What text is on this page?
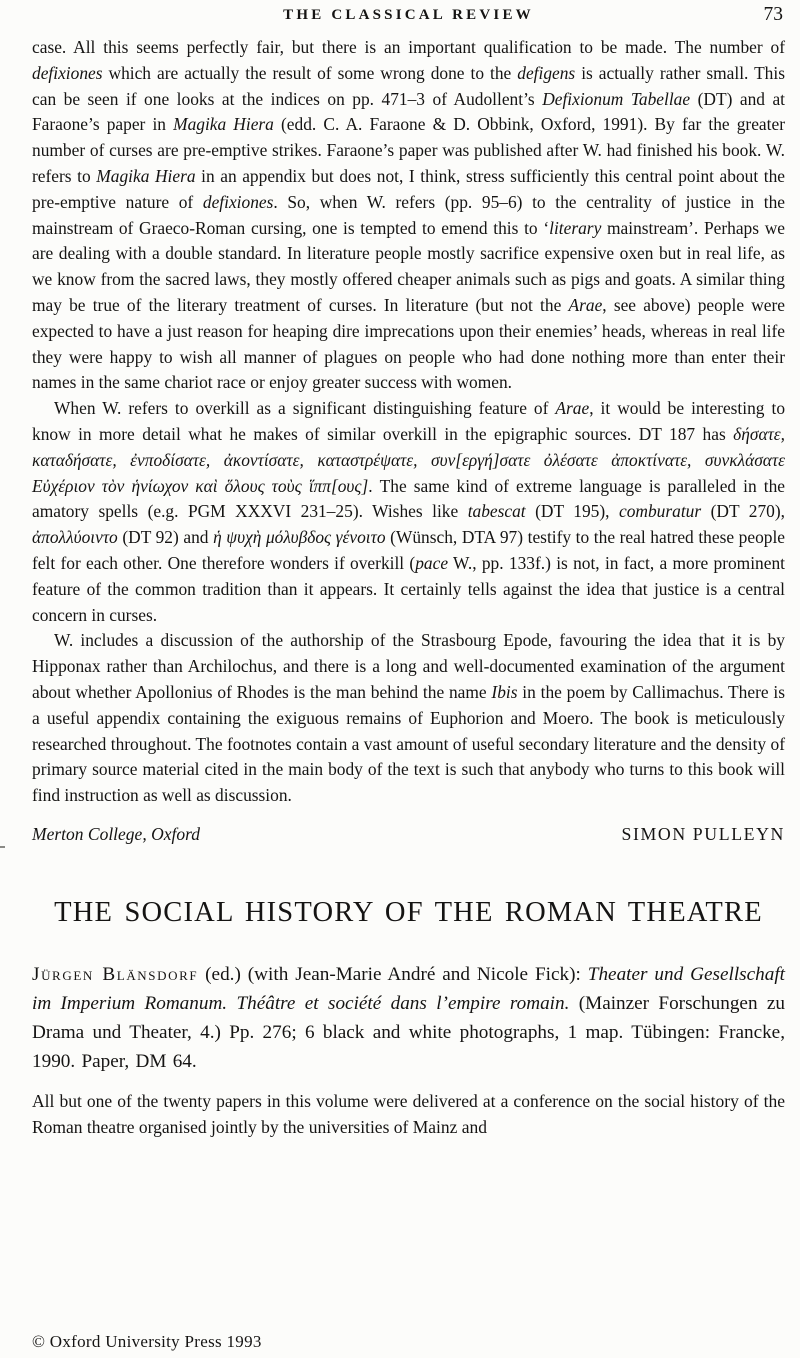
THE CLASSICAL REVIEW	73

case. All this seems perfectly fair, but there is an important qualification to be made. The number of defixiones which are actually the result of some wrong done to the defigens is actually rather small. This can be seen if one looks at the indices on pp. 471–3 of Audollent’s Defixionum Tabellae (DT) and at Faraone’s paper in Magika Hiera (edd. C. A. Faraone & D. Obbink, Oxford, 1991). By far the greater number of curses are pre-emptive strikes. Faraone’s paper was published after W. had finished his book. W. refers to Magika Hiera in an appendix but does not, I think, stress sufficiently this central point about the pre-emptive nature of defixiones. So, when W. refers (pp. 95–6) to the centrality of justice in the mainstream of Graeco-Roman cursing, one is tempted to emend this to ‘literary mainstream’. Perhaps we are dealing with a double standard. In literature people mostly sacrifice expensive oxen but in real life, as we know from the sacred laws, they mostly offered cheaper animals such as pigs and goats. A similar thing may be true of the literary treatment of curses. In literature (but not the Arae, see above) people were expected to have a just reason for heaping dire imprecations upon their enemies’ heads, whereas in real life they were happy to wish all manner of plagues on people who had done nothing more than enter their names in the same chariot race or enjoy greater success with women.

When W. refers to overkill as a significant distinguishing feature of Arae, it would be interesting to know in more detail what he makes of similar overkill in the epigraphic sources. DT 187 has δήσατε, καταδήσατε, ἐνποδίσατε, ἀκοντίσατε, καταστρέψατε, συν[εργή]σατε ὀλέσατε ἀποκτίνατε, συνκλάσατε Εὐχέριον τὸν ἡνίωχον καὶ ὅλους τοὺς ἵππ[ους]. The same kind of extreme language is paralleled in the amatory spells (e.g. PGM XXXVI 231–25). Wishes like tabescat (DT 195), comburatur (DT 270), ἀπολλύοιντο (DT 92) and ἡ ψυχὴ μόλυβδος γένοιτο (Wünsch, DTA 97) testify to the real hatred these people felt for each other. One therefore wonders if overkill (pace W., pp. 133f.) is not, in fact, a more prominent feature of the common tradition than it appears. It certainly tells against the idea that justice is a central concern in curses.

W. includes a discussion of the authorship of the Strasbourg Epode, favouring the idea that it is by Hipponax rather than Archilochus, and there is a long and well-documented examination of the argument about whether Apollonius of Rhodes is the man behind the name Ibis in the poem by Callimachus. There is a useful appendix containing the exiguous remains of Euphorion and Moero. The book is meticulously researched throughout. The footnotes contain a vast amount of useful secondary literature and the density of primary source material cited in the main body of the text is such that anybody who turns to this book will find instruction as well as discussion.

Merton College, Oxford	SIMON PULLEYN
THE SOCIAL HISTORY OF THE ROMAN THEATRE

Jürgen Blänsdorf (ed.) (with Jean-Marie André and Nicole Fick): Theater und Gesellschaft im Imperium Romanum. Théâtre et société dans l’empire romain. (Mainzer Forschungen zu Drama und Theater, 4.) Pp. 276; 6 black and white photographs, 1 map. Tübingen: Francke, 1990. Paper, DM 64.

All but one of the twenty papers in this volume were delivered at a conference on the social history of the Roman theatre organised jointly by the universities of Mainz and

© Oxford University Press 1993
